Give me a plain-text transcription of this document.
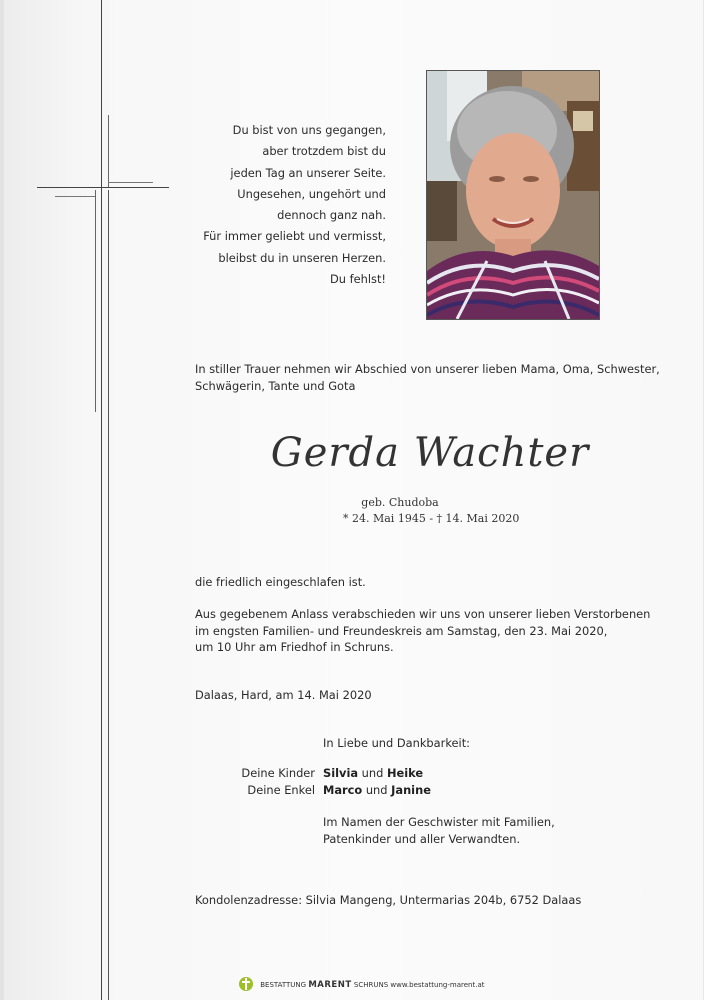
Du bist von uns gegangen,
aber trotzdem bist du
jeden Tag an unserer Seite.
Ungesehen, ungehört und
dennoch ganz nah.
Für immer geliebt und vermisst,
bleibst du in unseren Herzen.
Du fehlst!
In stiller Trauer nehmen wir Abschied von unserer lieben Mama, Oma, Schwester,
Schwägerin, Tante und Gota
Gerda Wachter
geb. Chudoba
* 24. Mai 1945 - † 14. Mai 2020
die friedlich eingeschlafen ist.
Aus gegebenem Anlass verabschieden wir uns von unserer lieben Verstorbenen
im engsten Familien- und Freundeskreis am Samstag, den 23. Mai 2020,
um 10 Uhr am Friedhof in Schruns.
Dalaas, Hard, am 14. Mai 2020
In Liebe und Dankbarkeit:
Deine Kinder Silvia und Heike
Deine Enkel Marco und Janine
Im Namen der Geschwister mit Familien,
Patenkinder und aller Verwandten.
Kondolenzadresse: Silvia Mangeng, Untermarias 204b, 6752 Dalaas
BESTATTUNG MARENT SCHRUNS www.bestattung-marent.at
